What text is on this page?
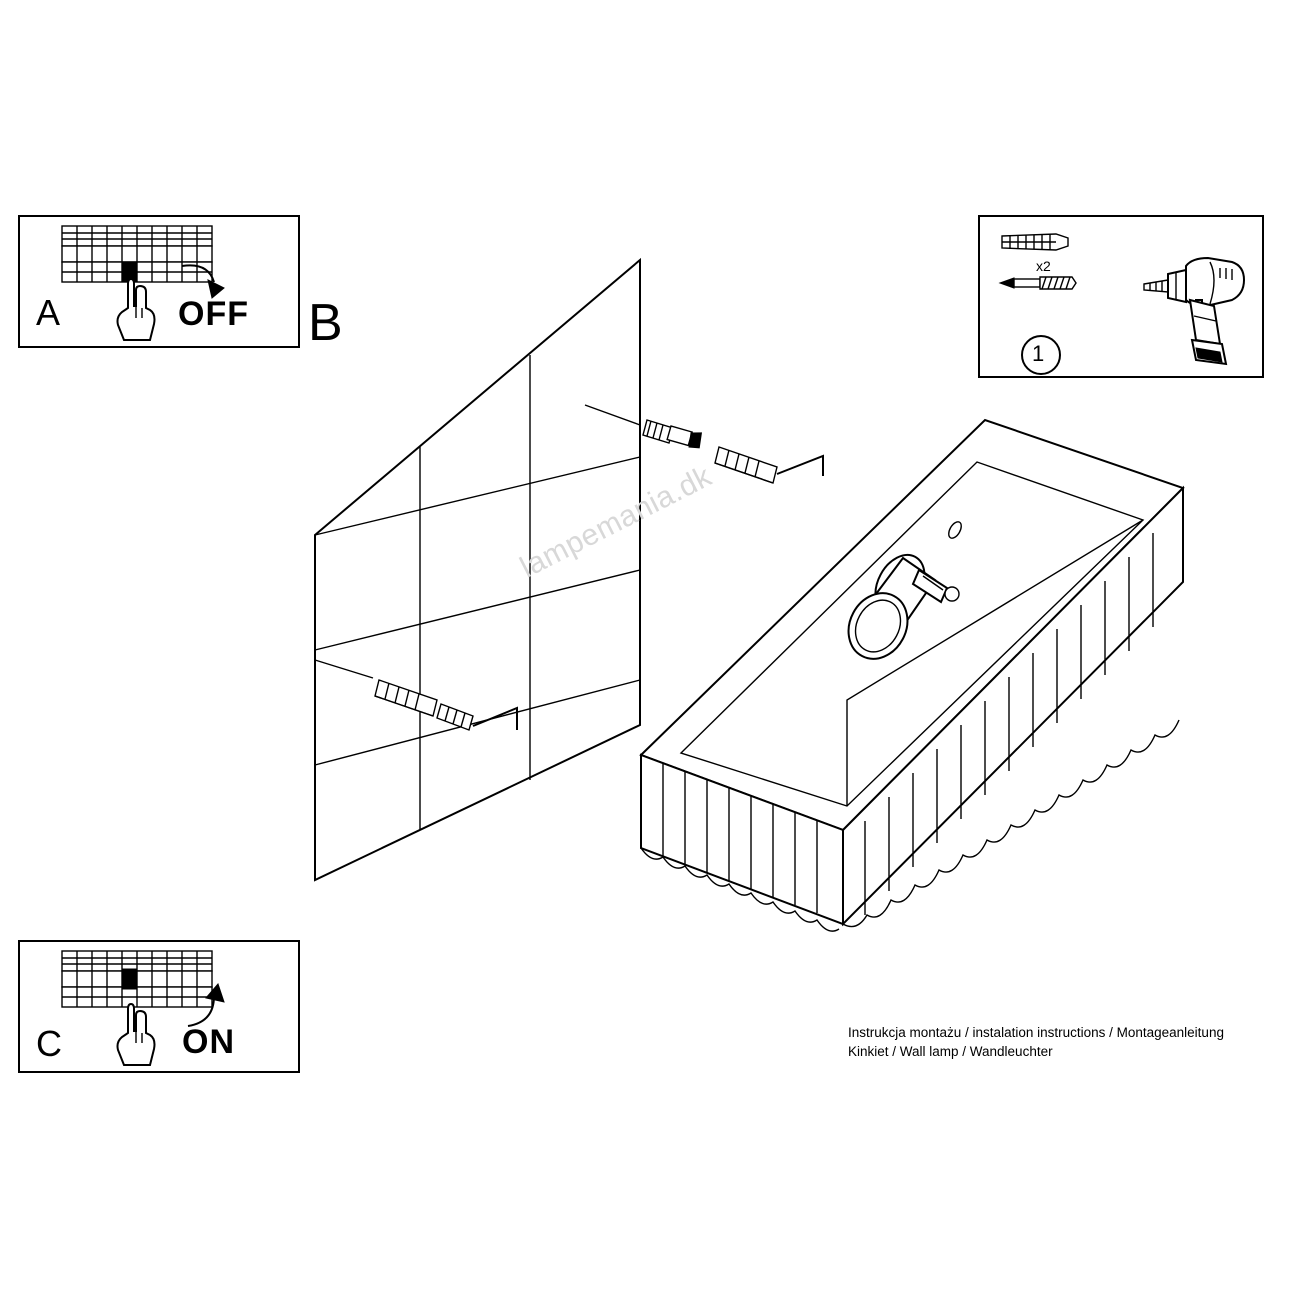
A	OFF
C	ON
x2
1
B
lampemania.dk
Instrukcja montażu / instalation instructions / Montageanleitung
Kinkiet / Wall lamp / Wandleuchter
